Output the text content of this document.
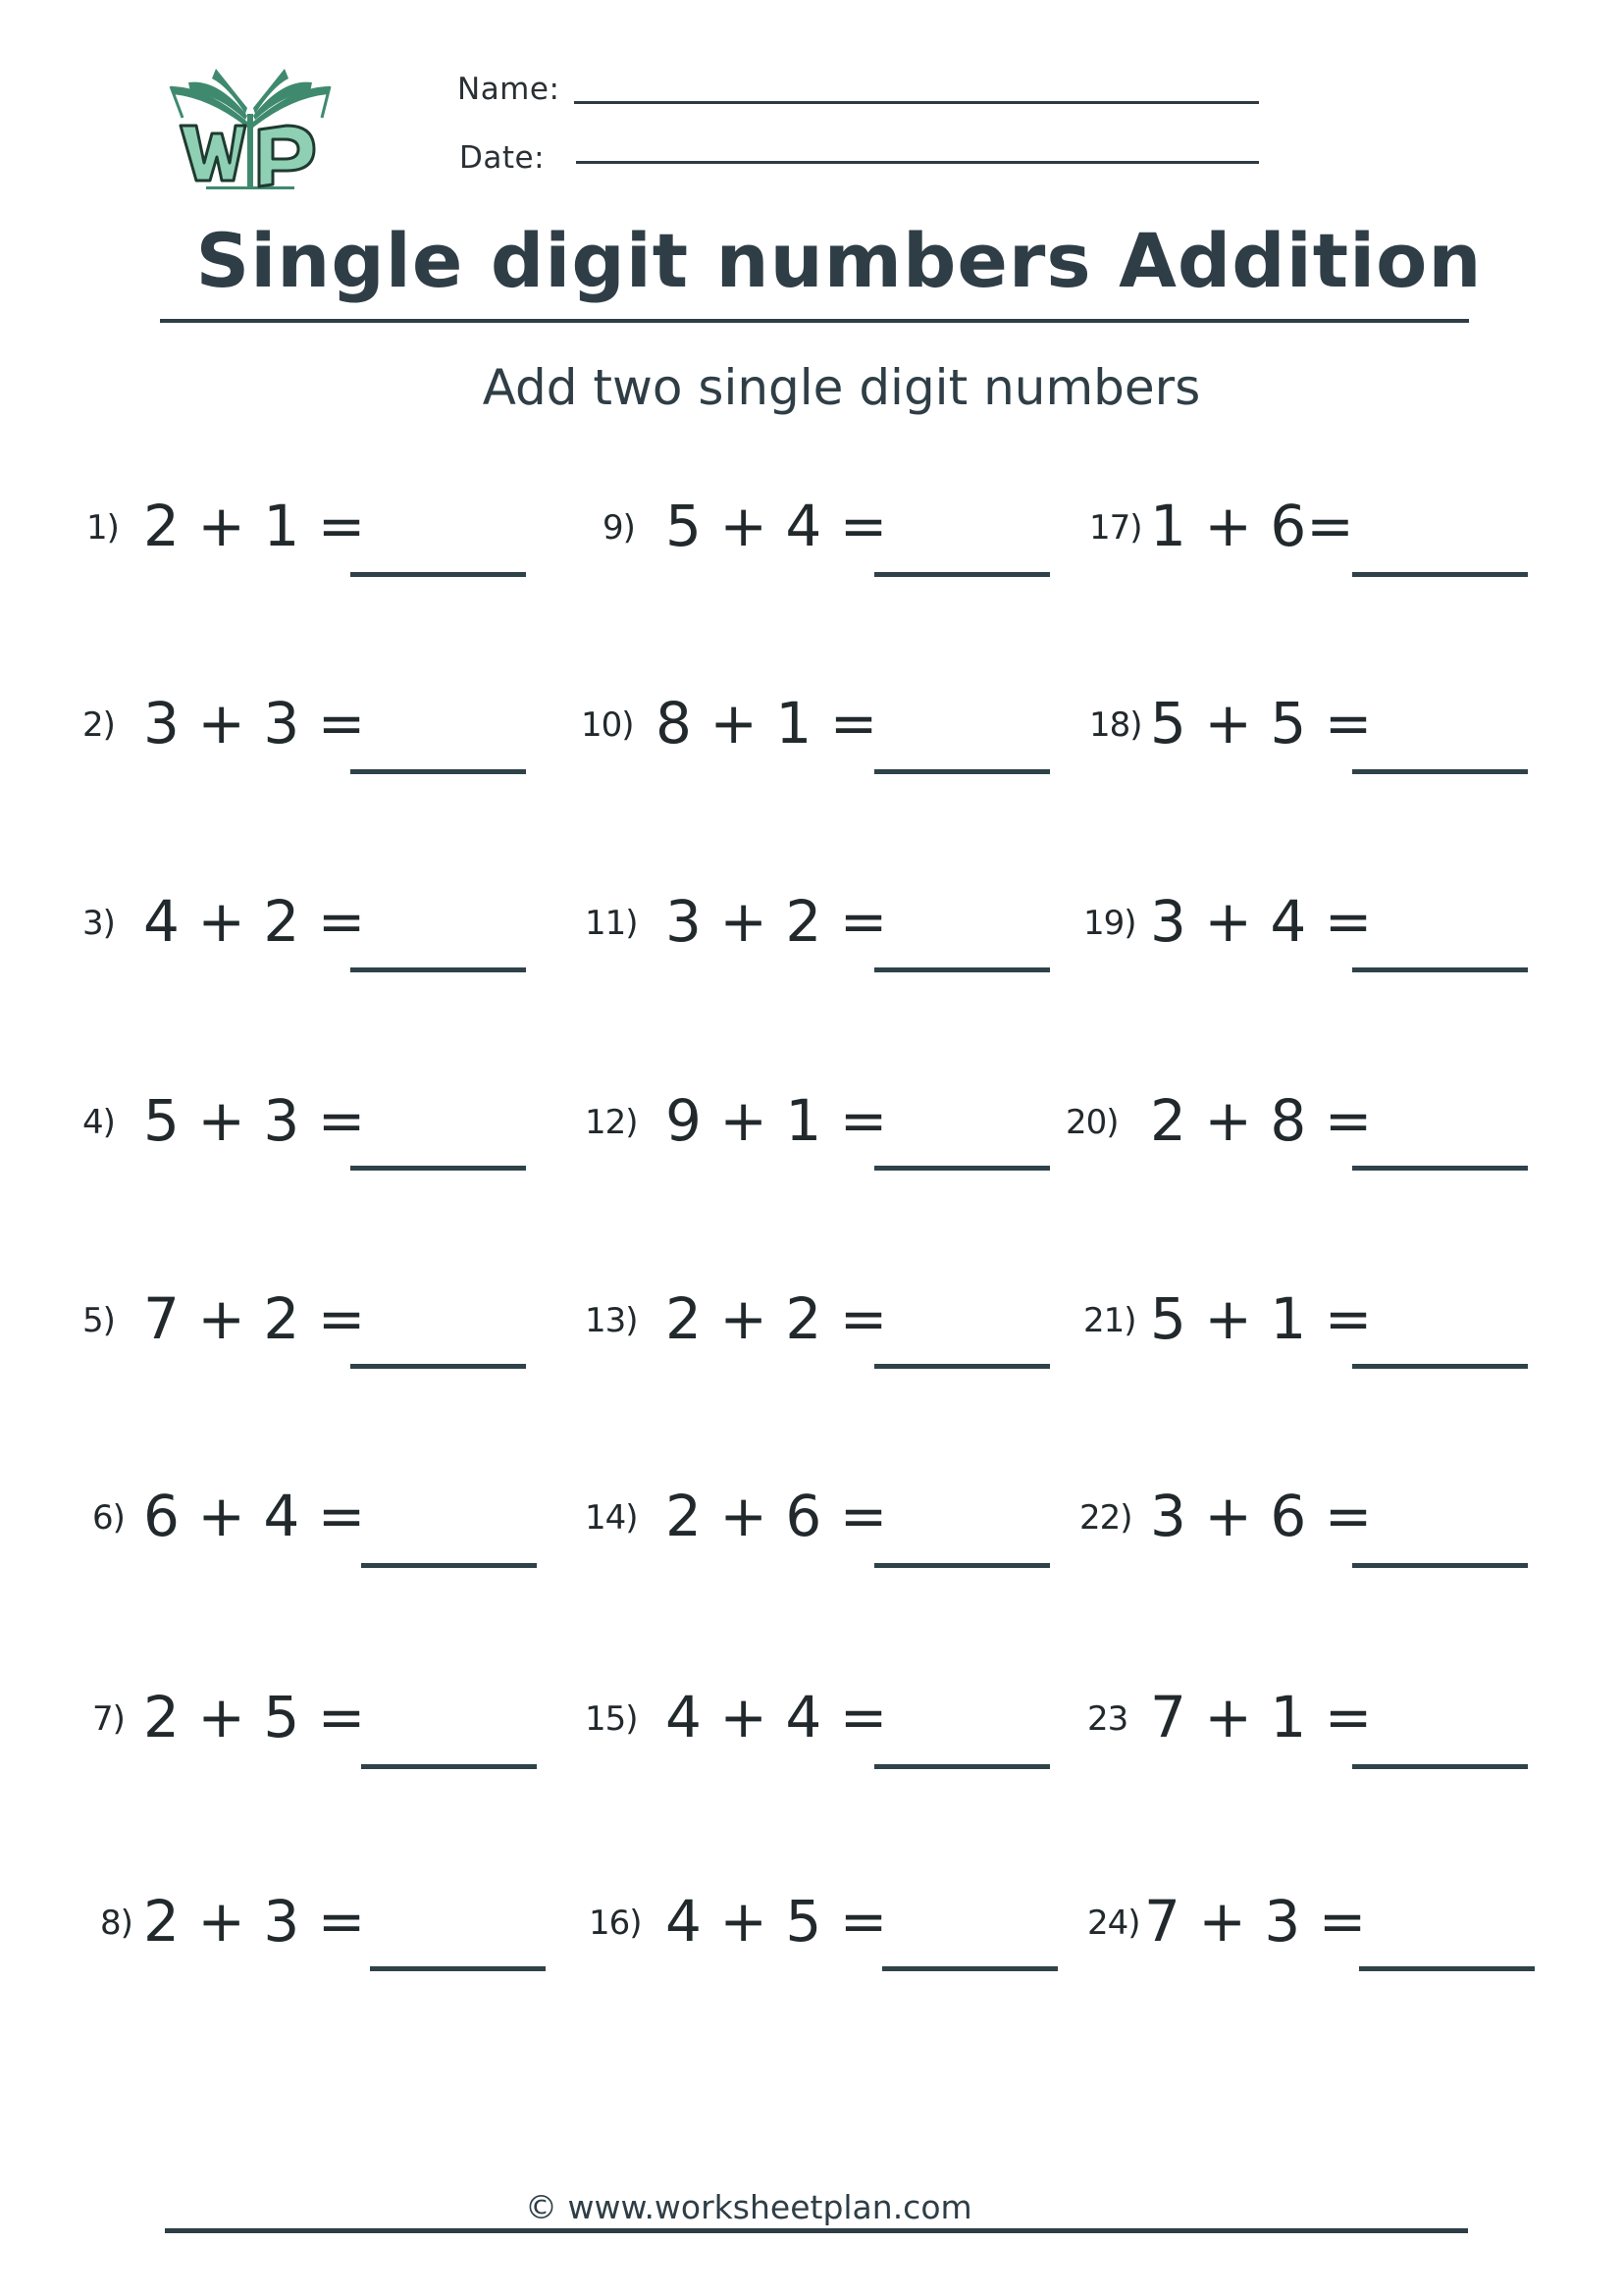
Name:
Date:
Single digit numbers Addition
Add two single digit numbers
1) 2 + 1 =
2) 3 + 3 =
3) 4 + 2 =
4) 5 + 3 =
5) 7 + 2 =
6) 6 + 4 =
7) 2 + 5 =
8) 2 + 3 =
9) 5 + 4 =
10) 8 + 1 =
11) 3 + 2 =
12) 9 + 1 =
13) 2 + 2 =
14) 2 + 6 =
15) 4 + 4 =
16) 4 + 5 =
17) 1 + 6=
18) 5 + 5 =
19) 3 + 4 =
20) 2 + 8 =
21) 5 + 1 =
22) 3 + 6 =
23 7 + 1 =
24) 7 + 3 =
© www.worksheetplan.com
